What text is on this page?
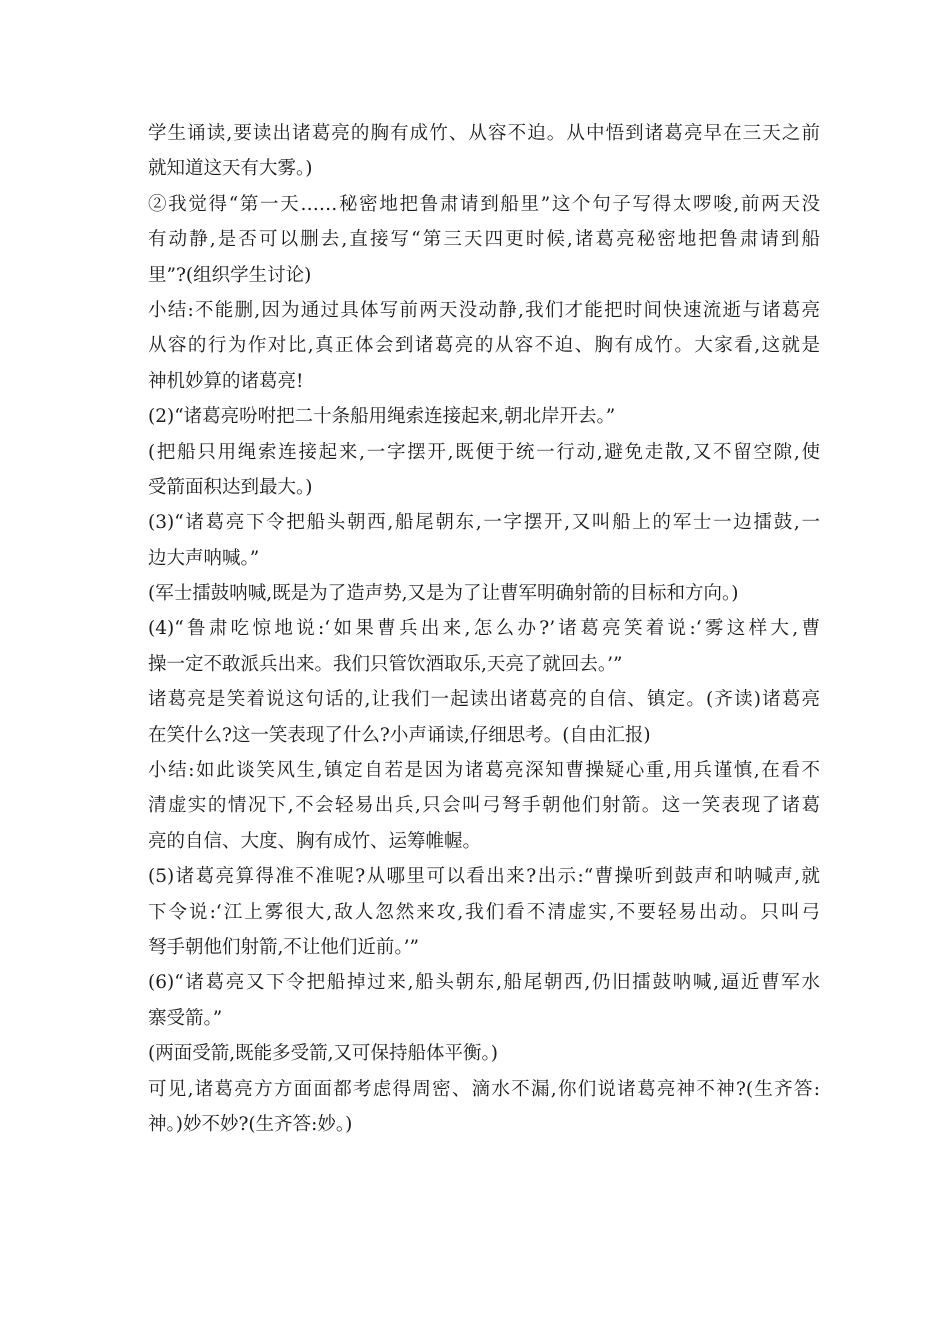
学生诵读,要读出诸葛亮的胸有成竹、从容不迫。从中悟到诸葛亮早在三天之前
就知道这天有大雾。)
②我觉得“第一天……秘密地把鲁肃请到船里”这个句子写得太啰唆,前两天没
有动静,是否可以删去,直接写“第三天四更时候,诸葛亮秘密地把鲁肃请到船
里”?(组织学生讨论)
小结:不能删,因为通过具体写前两天没动静,我们才能把时间快速流逝与诸葛亮
从容的行为作对比,真正体会到诸葛亮的从容不迫、胸有成竹。大家看,这就是
神机妙算的诸葛亮!
(2)“诸葛亮吩咐把二十条船用绳索连接起来,朝北岸开去。”
(把船只用绳索连接起来,一字摆开,既便于统一行动,避免走散,又不留空隙,使
受箭面积达到最大。)
(3)“诸葛亮下令把船头朝西,船尾朝东,一字摆开,又叫船上的军士一边擂鼓,一
边大声呐喊。”
(军士擂鼓呐喊,既是为了造声势,又是为了让曹军明确射箭的目标和方向。)
(4)“鲁肃吃惊地说:‘如果曹兵出来,怎么办?’诸葛亮笑着说:‘雾这样大,曹
操一定不敢派兵出来。我们只管饮酒取乐,天亮了就回去。’”
诸葛亮是笑着说这句话的,让我们一起读出诸葛亮的自信、镇定。(齐读)诸葛亮
在笑什么?这一笑表现了什么?小声诵读,仔细思考。(自由汇报)
小结:如此谈笑风生,镇定自若是因为诸葛亮深知曹操疑心重,用兵谨慎,在看不
清虚实的情况下,不会轻易出兵,只会叫弓弩手朝他们射箭。这一笑表现了诸葛
亮的自信、大度、胸有成竹、运筹帷幄。
(5)诸葛亮算得准不准呢?从哪里可以看出来?出示:“曹操听到鼓声和呐喊声,就
下令说:‘江上雾很大,敌人忽然来攻,我们看不清虚实,不要轻易出动。只叫弓
弩手朝他们射箭,不让他们近前。’”
(6)“诸葛亮又下令把船掉过来,船头朝东,船尾朝西,仍旧擂鼓呐喊,逼近曹军水
寨受箭。”
(两面受箭,既能多受箭,又可保持船体平衡。)
可见,诸葛亮方方面面都考虑得周密、滴水不漏,你们说诸葛亮神不神?(生齐答:
神。)妙不妙?(生齐答:妙。)
